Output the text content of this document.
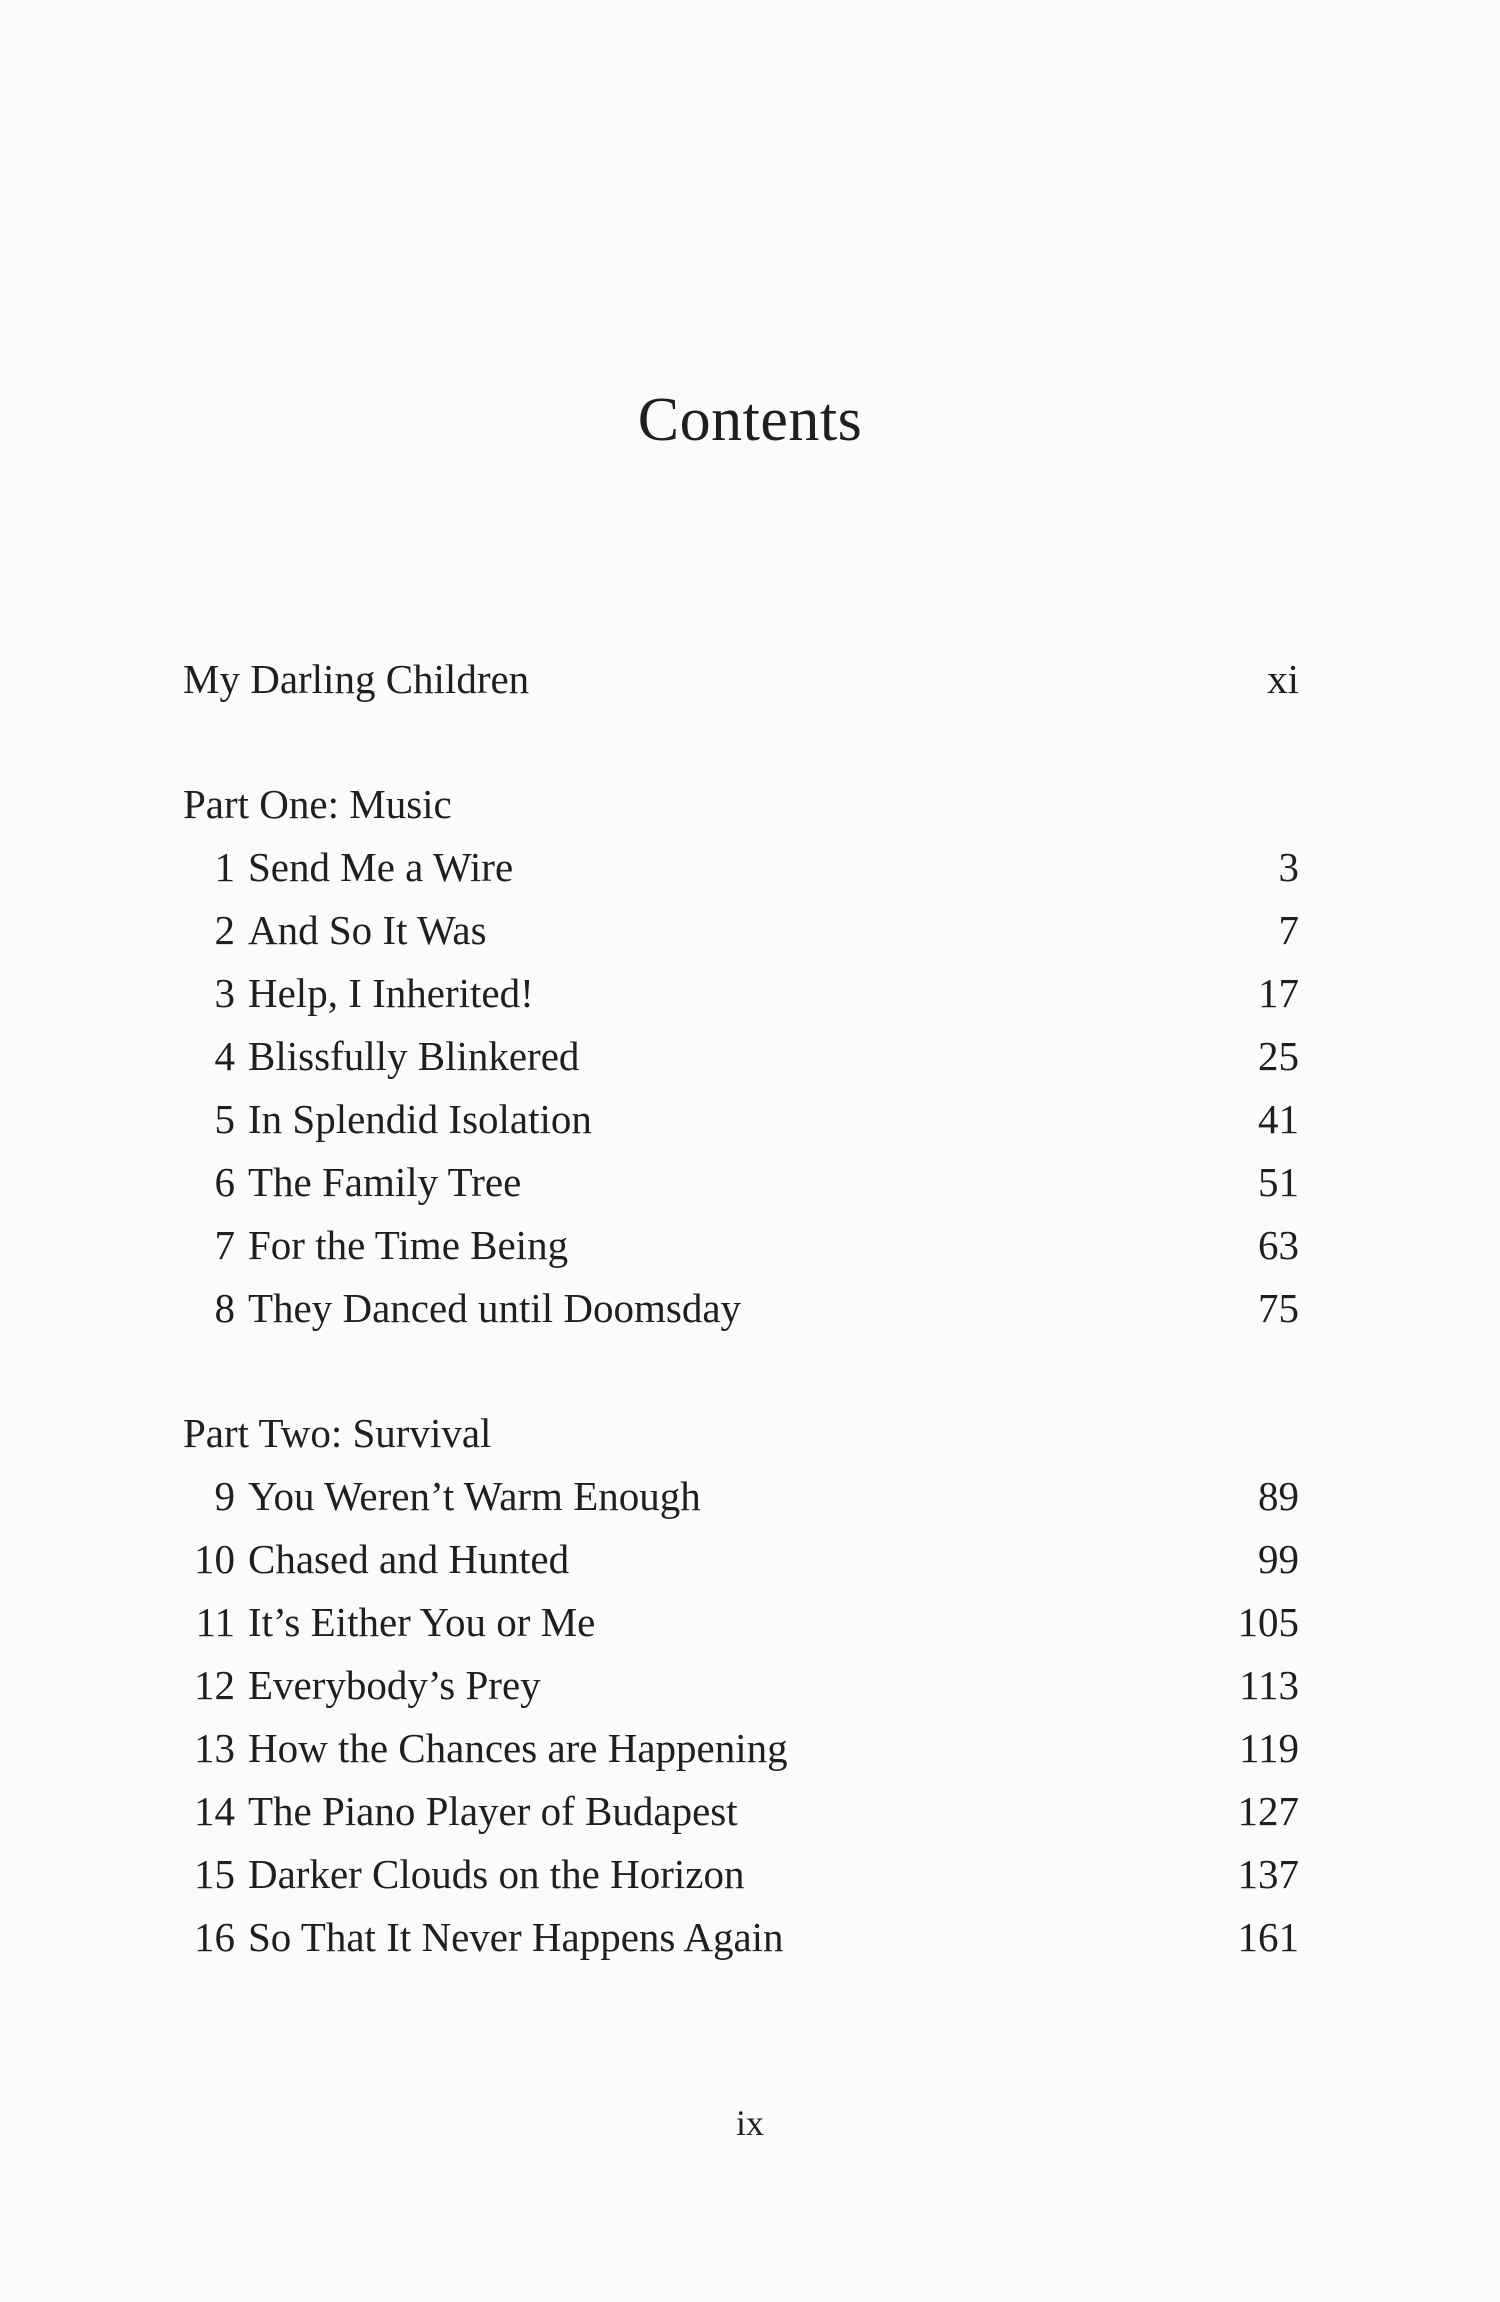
Contents
My Darling Children	xi
Part One: Music
1 Send Me a Wire	3
2 And So It Was	7
3 Help, I Inherited!	17
4 Blissfully Blinkered	25
5 In Splendid Isolation	41
6 The Family Tree	51
7 For the Time Being	63
8 They Danced until Doomsday	75
Part Two: Survival
9 You Weren’t Warm Enough	89
10 Chased and Hunted	99
11 It’s Either You or Me	105
12 Everybody’s Prey	113
13 How the Chances are Happening	119
14 The Piano Player of Budapest	127
15 Darker Clouds on the Horizon	137
16 So That It Never Happens Again	161
ix
